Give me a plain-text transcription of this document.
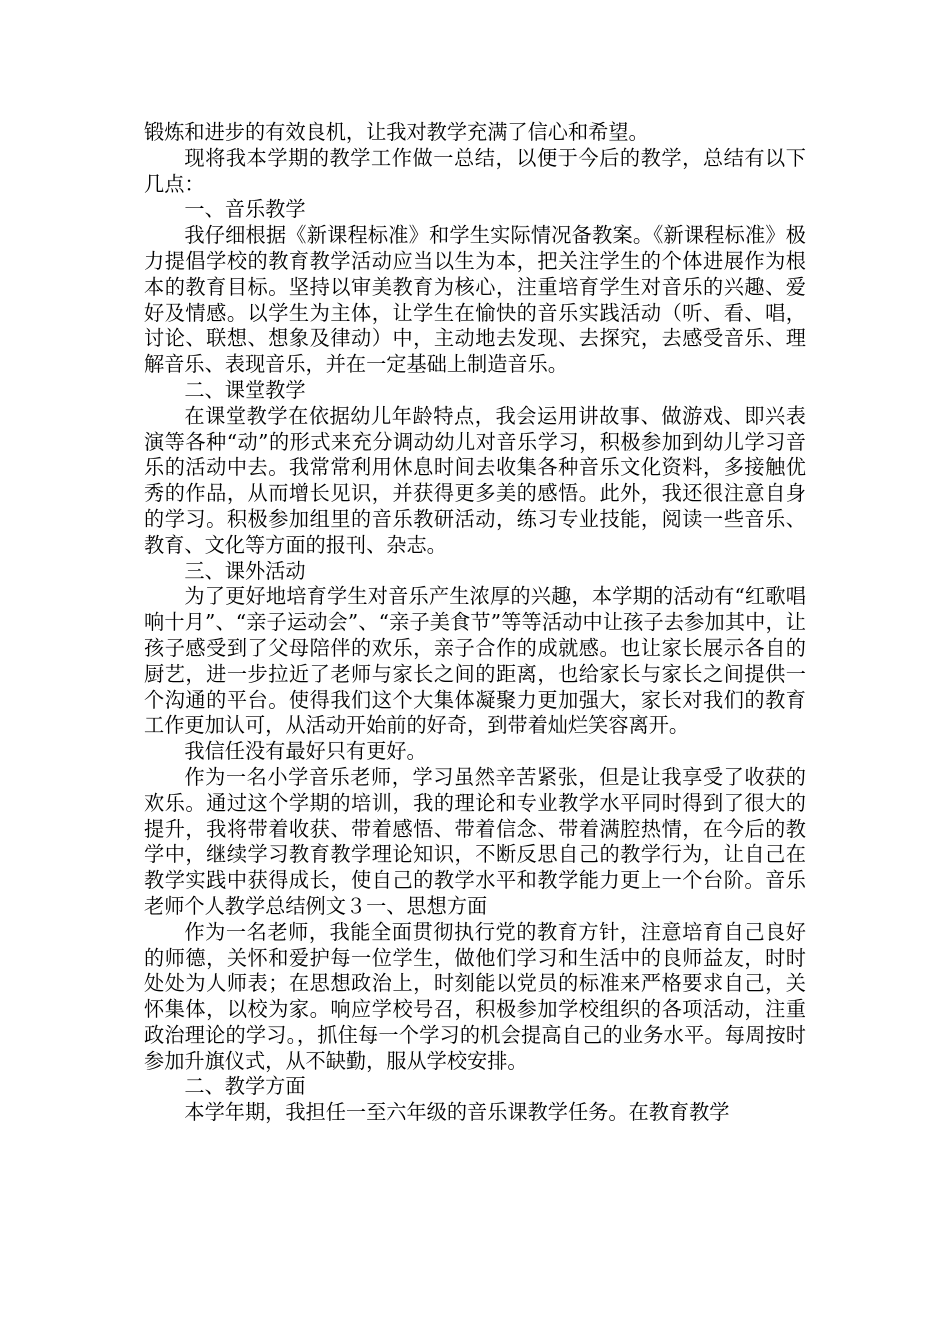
锻炼和进步的有效良机，让我对教学充满了信心和希望。

现将我本学期的教学工作做一总结，以便于今后的教学，总结有以下几点：

一、音乐教学

我仔细根据《新课程标准》和学生实际情况备教案。《新课程标准》极力提倡学校的教育教学活动应当以生为本，把关注学生的个体进展作为根本的教育目标。坚持以审美教育为核心，注重培育学生对音乐的兴趣、爱好及情感。以学生为主体，让学生在愉快的音乐实践活动（听、看、唱，讨论、联想、想象及律动）中，主动地去发现、去探究，去感受音乐、理解音乐、表现音乐，并在一定基础上制造音乐。

二、课堂教学

在课堂教学在依据幼儿年龄特点，我会运用讲故事、做游戏、即兴表演等各种“动”的形式来充分调动幼儿对音乐学习，积极参加到幼儿学习音乐的活动中去。我常常利用休息时间去收集各种音乐文化资料，多接触优秀的作品，从而增长见识，并获得更多美的感悟。此外，我还很注意自身的学习。积极参加组里的音乐教研活动，练习专业技能，阅读一些音乐、教育、文化等方面的报刊、杂志。

三、课外活动

为了更好地培育学生对音乐产生浓厚的兴趣，本学期的活动有“红歌唱响十月”、“亲子运动会”、“亲子美食节”等等活动中让孩子去参加其中，让孩子感受到了父母陪伴的欢乐，亲子合作的成就感。也让家长展示各自的厨艺，进一步拉近了老师与家长之间的距离，也给家长与家长之间提供一个沟通的平台。使得我们这个大集体凝聚力更加强大，家长对我们的教育工作更加认可，从活动开始前的好奇，到带着灿烂笑容离开。

我信任没有最好只有更好。

作为一名小学音乐老师，学习虽然辛苦紧张，但是让我享受了收获的欢乐。通过这个学期的培训，我的理论和专业教学水平同时得到了很大的提升，我将带着收获、带着感悟、带着信念、带着满腔热情，在今后的教学中，继续学习教育教学理论知识，不断反思自己的教学行为，让自己在教学实践中获得成长，使自己的教学水平和教学能力更上一个台阶。音乐老师个人教学总结例文３一、思想方面

作为一名老师，我能全面贯彻执行党的教育方针，注意培育自己良好的师德，关怀和爱护每一位学生，做他们学习和生活中的良师益友，时时处处为人师表；在思想政治上，时刻能以党员的标准来严格要求自己，关怀集体，以校为家。响应学校号召，积极参加学校组织的各项活动，注重政治理论的学习。，抓住每一个学习的机会提高自己的业务水平。每周按时参加升旗仪式，从不缺勤，服从学校安排。

二、教学方面

本学年期，我担任一至六年级的音乐课教学任务。在教育教学
